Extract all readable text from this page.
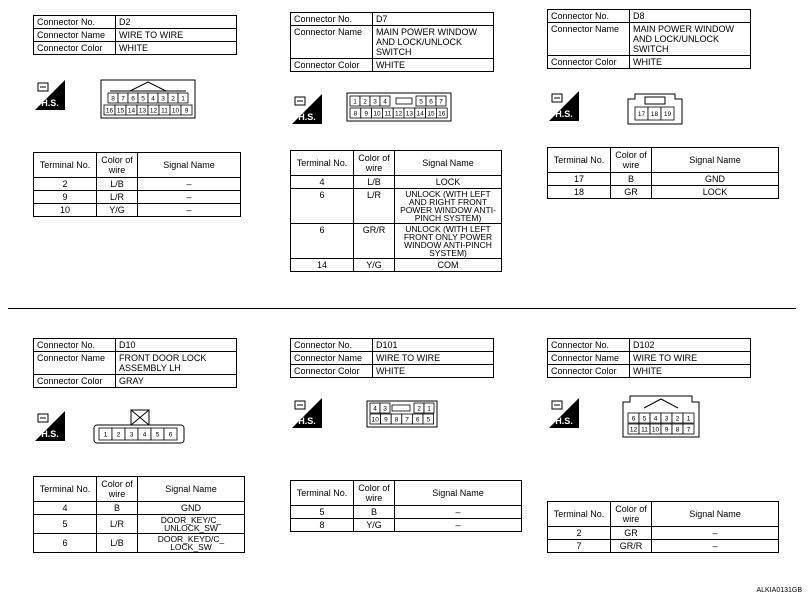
Connector No.	D2
Connector Name	WIRE TO WIRE
Connector Color	WHITE
H.S.	8 7 6 5 4 3 2 1
16 15 14 13 12 11 10 9
Terminal No.	Color of wire	Signal Name
2	L/B	–
9	L/R	–
10	Y/G	–
Connector No.	D7
Connector Name	MAIN POWER WINDOW AND LOCK/UNLOCK SWITCH
Connector Color	WHITE
H.S.
1 2 3 4	5 6 7
8 9 10 11 12 13 14 15 16
Terminal No.	Color of wire	Signal Name
4	L/B	LOCK
6	L/R	UNLOCK (WITH LEFT AND RIGHT FRONT POWER WINDOW ANTI-PINCH SYSTEM)
6	GR/R	UNLOCK (WITH LEFT FRONT ONLY POWER WINDOW ANTI-PINCH SYSTEM)
14	Y/G	COM
Connector No.	D8
Connector Name	MAIN POWER WINDOW AND LOCK/UNLOCK SWITCH
Connector Color	WHITE
H.S.	17 18 19
Terminal No.	Color of wire	Signal Name
17	B	GND
18	GR	LOCK
Connector No.	D10
Connector Name	FRONT DOOR LOCK ASSEMBLY LH
Connector Color	GRAY
H.S.	1 2 3 4 5 6
Terminal No.	Color of wire	Signal Name
4	B	GND
5	L/R	DOOR_KEY/C_ UNLOCK_SW
6	L/B	DOOR_KEYD/C_ LOCK_SW
Connector No.	D101
Connector Name	WIRE TO WIRE
Connector Color	WHITE
H.S.
4 3	2 1
10 9 8 7 6 5
Terminal No.	Color of wire	Signal Name
5	B	–
8	Y/G	–
Connector No.	D102
Connector Name	WIRE TO WIRE
Connector Color	WHITE
H.S.	6 5 4 3 2 1
12 11 10 9 8 7
Terminal No.	Color of wire	Signal Name
2	GR	–
7	GR/R	–
ALKIA0131GB
